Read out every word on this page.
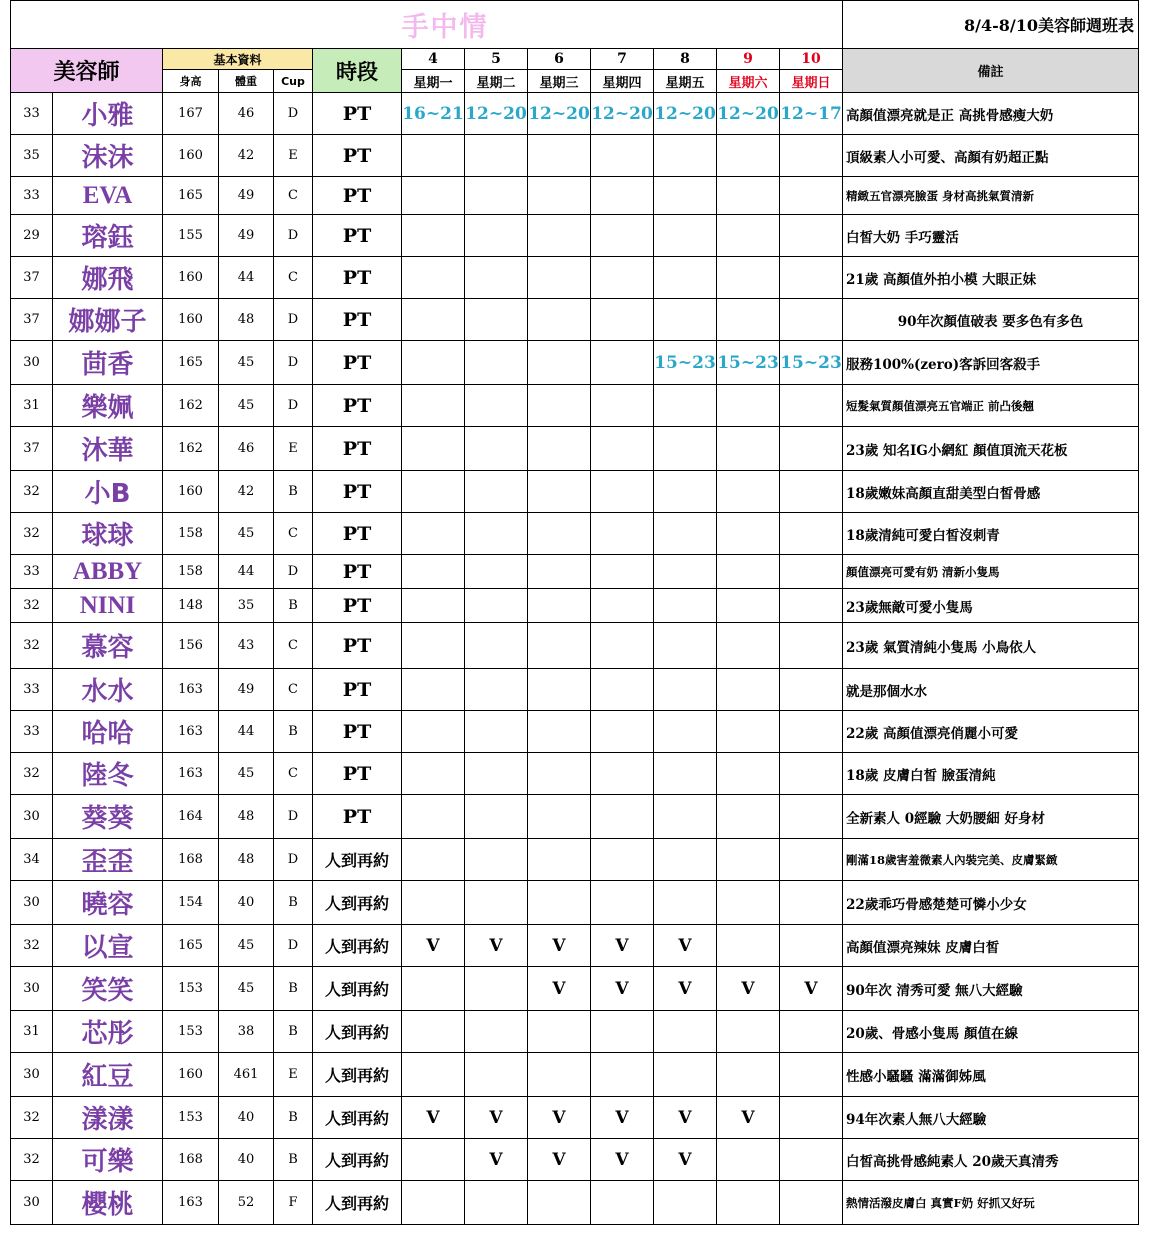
						手中情							8/4-8/10美容師週班表
美容師		基本資料			時段	4	5	6	7	8	9	10	備註
		身高	體重	Cup		星期一	星期二	星期三	星期四	星期五	星期六	星期日	
33	小雅	167	46	D	PT	16~21	12~20	12~20	12~20	12~20	12~20	12~17	高顏值漂亮就是正 高挑骨感瘦大奶
35	沫沫	160	42	E	PT								頂級素人小可愛、高顏有奶超正點
33	EVA	165	49	C	PT								精緻五官漂亮臉蛋 身材高挑氣質清新
29	瑢鈺	155	49	D	PT								白皙大奶 手巧靈活
37	娜飛	160	44	C	PT								21歲 高顏值外拍小模 大眼正妹
37	娜娜子	160	48	D	PT								90年次顏值破表 要多色有多色
30	茴香	165	45	D	PT					15~23	15~23	15~23	服務100%(zero)客訴回客殺手
31	樂姵	162	45	D	PT								短髮氣質顏值漂亮五官端正 前凸後翹
37	沐華	162	46	E	PT								23歲 知名IG小網紅 顏值頂流天花板
32	小B	160	42	B	PT								18歲嫩妹高顏直甜美型白皙骨感
32	球球	158	45	C	PT								18歲清純可愛白皙沒刺青
33	ABBY	158	44	D	PT								顏值漂亮可愛有奶 清新小隻馬
32	NINI	148	35	B	PT								23歲無敵可愛小隻馬
32	慕容	156	43	C	PT								23歲 氣質清純小隻馬 小鳥依人
33	水水	163	49	C	PT								就是那個水水
33	哈哈	163	44	B	PT								22歲 高顏值漂亮俏麗小可愛
32	陸冬	163	45	C	PT								18歲 皮膚白皙 臉蛋清純
30	葵葵	164	48	D	PT								全新素人 0經驗 大奶腰細 好身材
34	歪歪	168	48	D	人到再約								剛滿18歲害羞微素人內裝完美、皮膚緊緻
30	曉容	154	40	B	人到再約								22歲乖巧骨感楚楚可憐小少女
32	以宣	165	45	D	人到再約	V	V	V	V	V			高顏值漂亮辣妹 皮膚白皙
30	笑笑	153	45	B	人到再約			V	V	V	V	V	90年次 清秀可愛 無八大經驗
31	芯彤	153	38	B	人到再約								20歲、骨感小隻馬 顏值在線
30	紅豆	160	461	E	人到再約								性感小騷騷 滿滿御姊風
32	漾漾	153	40	B	人到再約	V	V	V	V	V	V		94年次素人無八大經驗
32	可樂	168	40	B	人到再約		V	V	V	V			白皙高挑骨感純素人 20歲天真清秀
30	櫻桃	163	52	F	人到再約								熱情活潑皮膚白 真實F奶 好抓又好玩
